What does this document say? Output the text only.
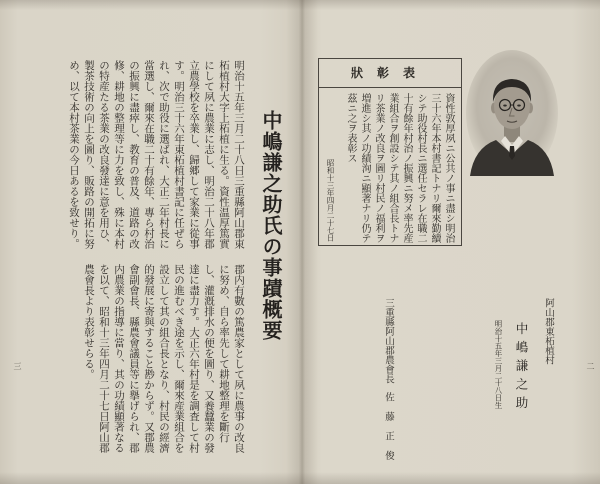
中嶋謙之助氏の事蹟概要
明治十五年三月二十八日三重縣阿山郡東柘植村大字上柘植に生る。資性温厚篤實にして夙に農業に志し、明治二十八年郡立農學校を卒業し、歸郷して家業に從事す。明治三十六年東柘植村書記に任ぜられ、次で助役に選ばれ、大正二年村長に當選し、爾來在職二十有餘年、專ら村治の振興に盡瘁し、教育の普及、道路の改修、耕地の整理等に力を致し、殊に本村の特産たる茶業の改良發達に意を用ひ、製茶技術の向上を圖り、販路の開拓に努め、以て本村茶業の今日あるを致せり。
郡内有數の篤農家として夙に農事の改良に努め、自ら率先して耕地整理を斷行し、灌漑排水の便を圖り、又養蠶業の發達に盡力す。大正六年村是を調査して村民の進むべき途を示し、爾來産業組合を設立して其の組合長となり、村民の經濟的發展に寄與すること尠からず。又郡農會副會長、縣農會議員等に擧げられ、郡内農業の指導に當り、其の功績顯著なるを以て、昭和十三年四月二十七日阿山郡農會長より表彰せらる。
三	二
表彰狀
資性敦厚夙ニ公共ノ事ニ盡シ明治三十六年本村書記トナリ爾來勤續シテ助役村長ニ選任セラレ在職二十有餘年村治ノ振興ニ努メ率先産業組合ヲ創設シテ其ノ組合長トナリ茶業ノ改良ヲ圖リ村民ノ福利ヲ増進シ其ノ功績洵ニ顯著ナリ仍テ茲ニ之ヲ表彰ス
昭和十三年四月二十七日
三重縣阿山郡農會長
佐藤正俊
阿山郡東柘植村
中嶋謙之助
明治十五年三月二十八日生
